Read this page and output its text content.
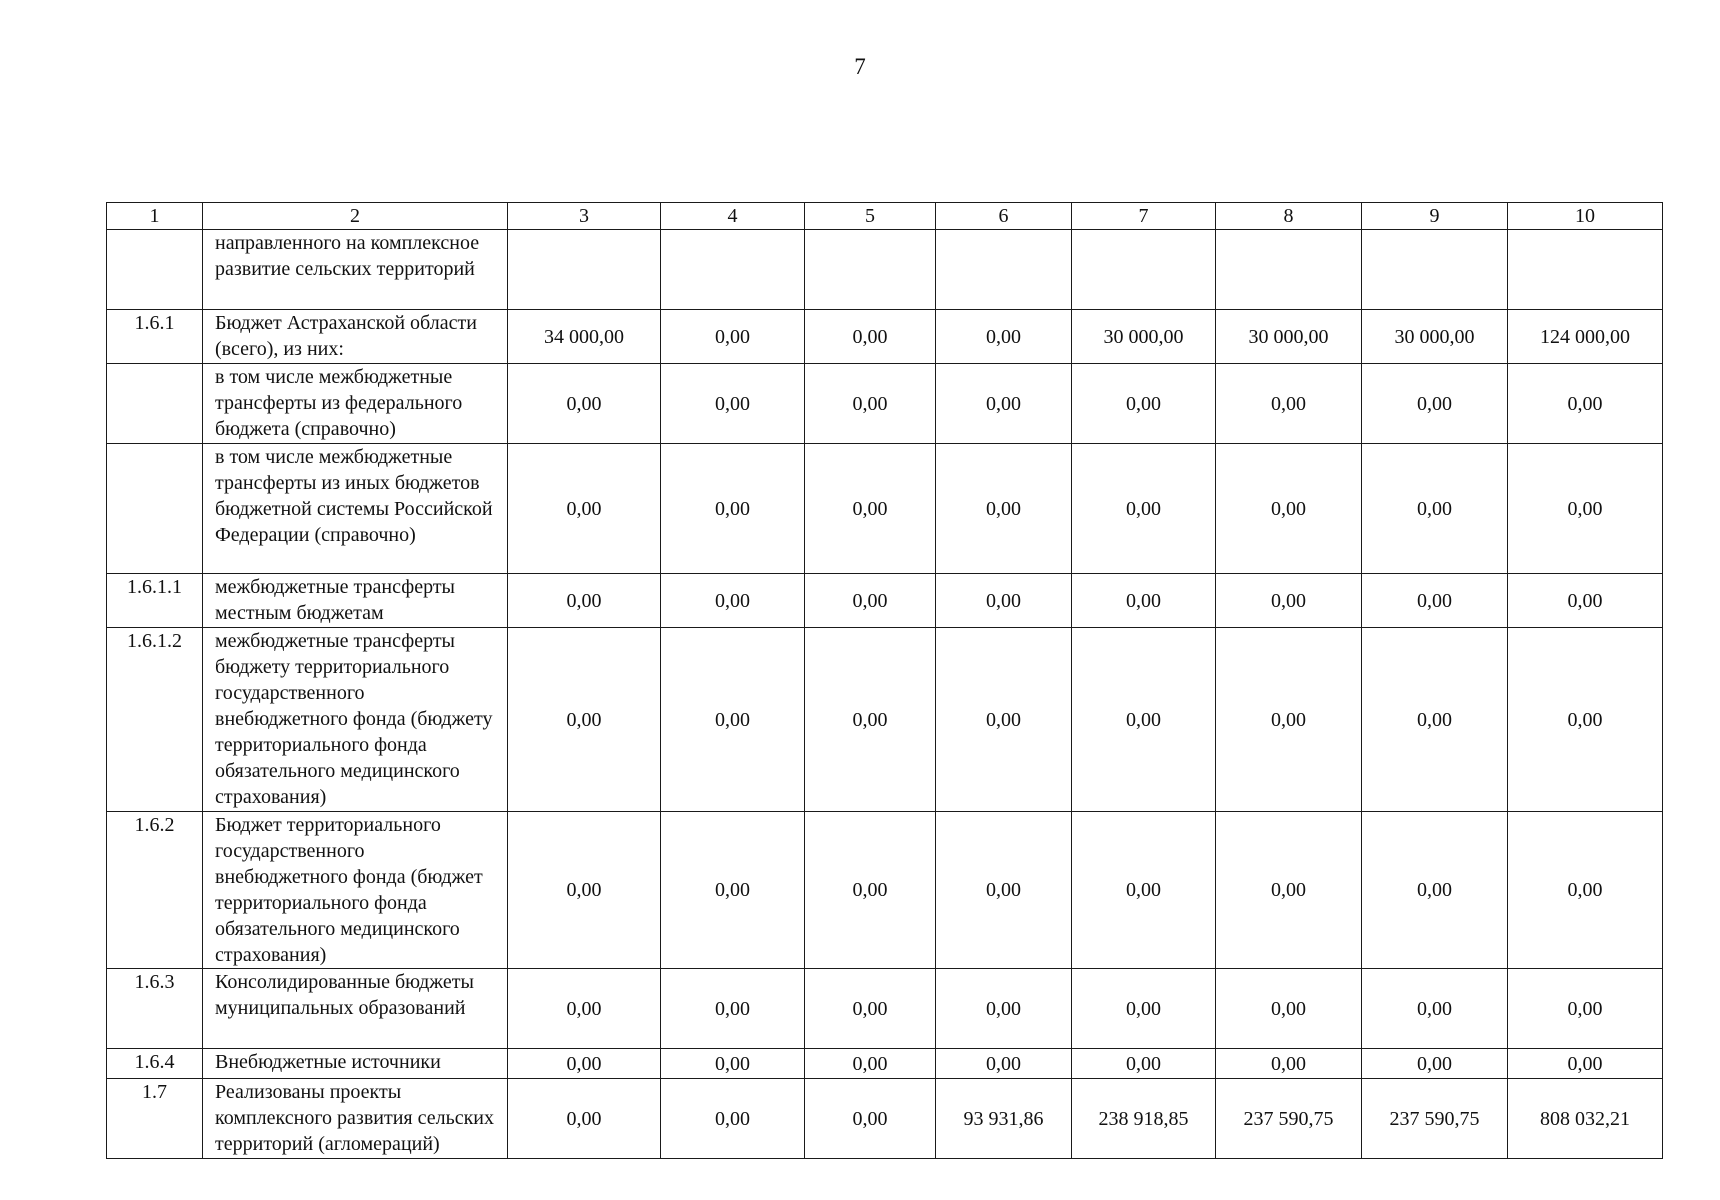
7
1	2	3	4	5	6	7	8	9	10
	направленного на комплексное развитие сельских территорий								
1.6.1	Бюджет Астраханской области (всего), из них:	34 000,00	0,00	0,00	0,00	30 000,00	30 000,00	30 000,00	124 000,00
	в том числе межбюджетные трансферты из федерального бюджета (справочно)	0,00	0,00	0,00	0,00	0,00	0,00	0,00	0,00
	в том числе межбюджетные трансферты из иных бюджетов бюджетной системы Российской Федерации (справочно)	0,00	0,00	0,00	0,00	0,00	0,00	0,00	0,00
1.6.1.1	межбюджетные трансферты местным бюджетам	0,00	0,00	0,00	0,00	0,00	0,00	0,00	0,00
1.6.1.2	межбюджетные трансферты бюджету территориального государственного внебюджетного фонда (бюджету территориального фонда обязательного медицинского страхования)	0,00	0,00	0,00	0,00	0,00	0,00	0,00	0,00
1.6.2	Бюджет территориального государственного внебюджетного фонда (бюджет территориального фонда обязательного медицинского страхования)	0,00	0,00	0,00	0,00	0,00	0,00	0,00	0,00
1.6.3	Консолидированные бюджеты муниципальных образований	0,00	0,00	0,00	0,00	0,00	0,00	0,00	0,00
1.6.4	Внебюджетные источники	0,00	0,00	0,00	0,00	0,00	0,00	0,00	0,00
1.7	Реализованы проекты комплексного развития сельских территорий (агломераций)	0,00	0,00	0,00	93 931,86	238 918,85	237 590,75	237 590,75	808 032,21
